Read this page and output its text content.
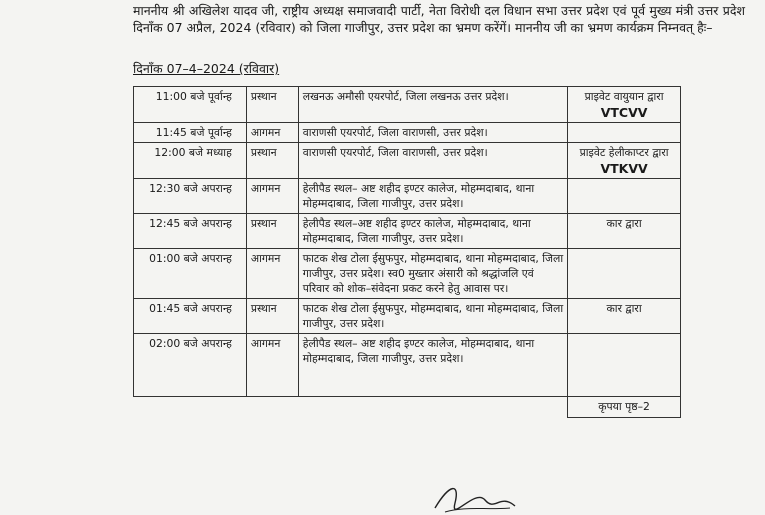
माननीय श्री अखिलेश यादव जी, राष्ट्रीय अध्यक्ष समाजवादी पार्टी, नेता विरोधी दल विधान सभा उत्तर प्रदेश एवं पूर्व मुख्य मंत्री उत्तर प्रदेश दिनाँक 07 अप्रैल, 2024 (रविवार) को जिला गाजीपुर, उत्तर प्रदेश का भ्रमण करेंगें। माननीय जी का भ्रमण कार्यक्रम निम्नवत् हैः–

दिनाँक 07–4–2024 (रविवार)
11:00 बजे पूर्वान्ह	प्रस्थान	लखनऊ अमौसी एयरपोर्ट, जिला लखनऊ उत्तर प्रदेश।	प्राइवेट वायुयान द्वारा
VTCVV

11:45 बजे पूर्वान्ह	आगमन	वाराणसी एयरपोर्ट, जिला वाराणसी, उत्तर प्रदेश।	
12:00 बजे मध्याह	प्रस्थान	वाराणसी एयरपोर्ट, जिला वाराणसी, उत्तर प्रदेश।	प्राइवेट हेलीकाप्टर द्वारा
VTKVV

12:30 बजे अपरान्ह	आगमन	हेलीपैड स्थल– अष्ट शहीद इण्टर कालेज, मोहम्मदाबाद, थाना मोहम्मदाबाद, जिला गाजीपुर, उत्तर प्रदेश।	
12:45 बजे अपरान्ह	प्रस्थान	हेलीपैड स्थल–अष्ट शहीद इण्टर कालेज, मोहम्मदाबाद, थाना मोहम्मदाबाद, जिला गाजीपुर, उत्तर प्रदेश।	कार द्वारा
01:00 बजे अपरान्ह	आगमन	फाटक शेख टोला ईसुफपुर, मोहम्मदाबाद, थाना मोहम्मदाबाद, जिला गाजीपुर, उत्तर प्रदेश। स्व0 मुख्तार अंसारी को श्रद्धांजलि एवं परिवार को शोक–संवेदना प्रकट करने हेतु आवास पर।	
01:45 बजे अपरान्ह	प्रस्थान	फाटक शेख टोला ईसुफपुर, मोहम्मदाबाद, थाना मोहम्मदाबाद, जिला गाजीपुर, उत्तर प्रदेश।	कार द्वारा
02:00 बजे अपरान्ह	आगमन	हेलीपैड स्थल– अष्ट शहीद इण्टर कालेज, मोहम्मदाबाद, थाना मोहम्मदाबाद, जिला गाजीपुर, उत्तर प्रदेश।	
			कृपया पृष्ठ–2
